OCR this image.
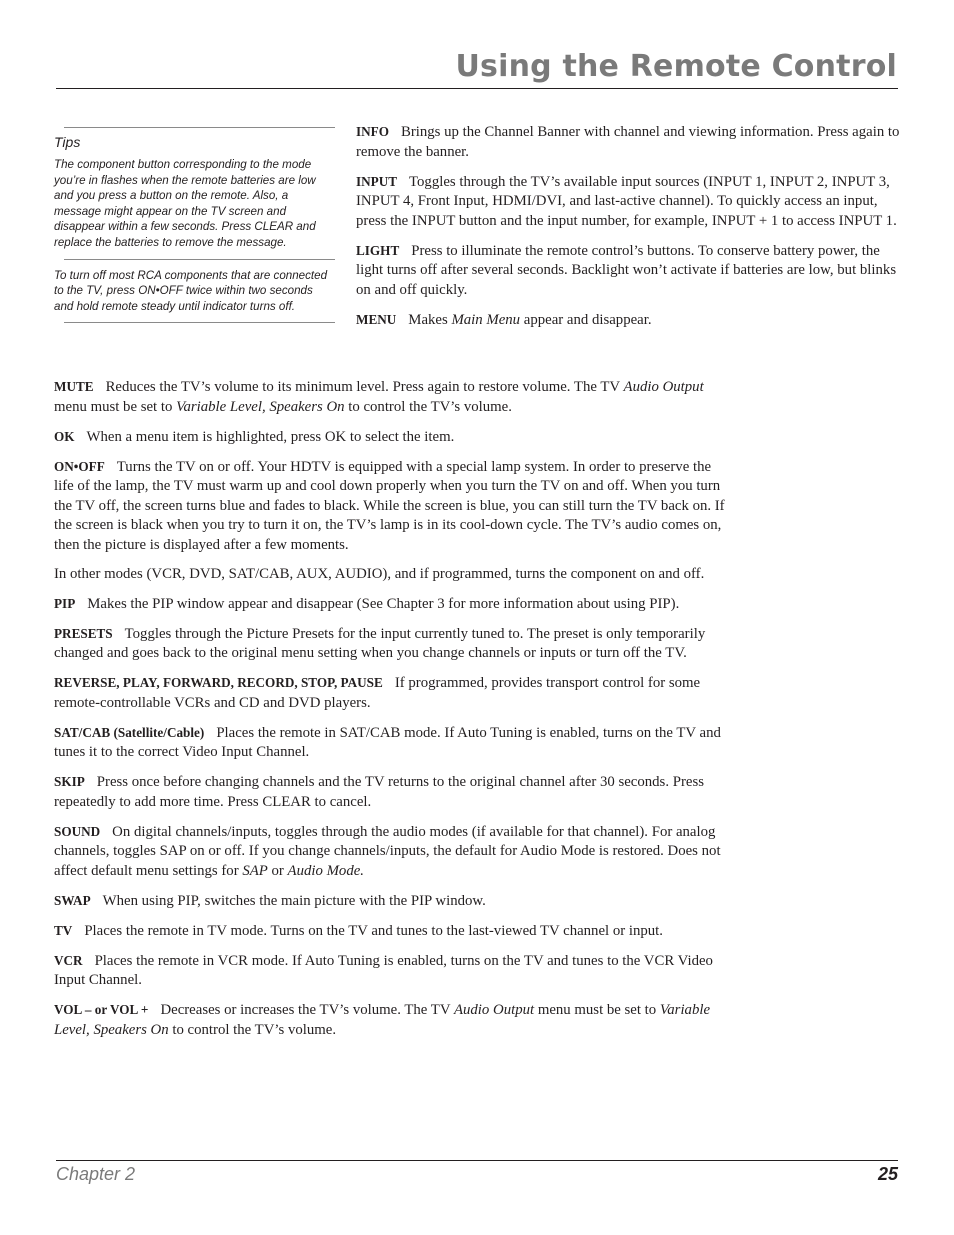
Using the Remote Control
Tips

The component button corresponding to the mode you’re in flashes when the remote batteries are low and you press a button on the remote. Also, a message might appear on the TV screen and disappear within a few seconds. Press CLEAR and replace the batteries to remove the message.

To turn off most RCA components that are connected to the TV, press ON•OFF twice within two seconds and hold remote steady until indicator turns off.

INFO Brings up the Channel Banner with channel and viewing information. Press again to remove the banner.

INPUT Toggles through the TV’s available input sources (INPUT 1, INPUT 2, INPUT 3, INPUT 4, Front Input, HDMI/DVI, and last-active channel). To quickly access an input, press the INPUT button and the input number, for example, INPUT + 1 to access INPUT 1.

LIGHT Press to illuminate the remote control’s buttons. To conserve battery power, the light turns off after several seconds. Backlight won’t activate if batteries are low, but blinks on and off quickly.

MENU Makes Main Menu appear and disappear.

MUTE Reduces the TV’s volume to its minimum level. Press again to restore volume. The TV Audio Output menu must be set to Variable Level, Speakers On to control the TV’s volume.

OK When a menu item is highlighted, press OK to select the item.

ON•OFF Turns the TV on or off. Your HDTV is equipped with a special lamp system. In order to preserve the life of the lamp, the TV must warm up and cool down properly when you turn the TV on and off. When you turn the TV off, the screen turns blue and fades to black. While the screen is blue, you can still turn the TV back on. If the screen is black when you try to turn it on, the TV’s lamp is in its cool-down cycle. The TV’s audio comes on, then the picture is displayed after a few moments.

In other modes (VCR, DVD, SAT/CAB, AUX, AUDIO), and if programmed, turns the component on and off.

PIP Makes the PIP window appear and disappear (See Chapter 3 for more information about using PIP).

PRESETS Toggles through the Picture Presets for the input currently tuned to. The preset is only temporarily changed and goes back to the original menu setting when you change channels or inputs or turn off the TV.

REVERSE, PLAY, FORWARD, RECORD, STOP, PAUSE If programmed, provides transport control for some remote-controllable VCRs and CD and DVD players.

SAT/CAB (Satellite/Cable) Places the remote in SAT/CAB mode. If Auto Tuning is enabled, turns on the TV and tunes it to the correct Video Input Channel.

SKIP Press once before changing channels and the TV returns to the original channel after 30 seconds. Press repeatedly to add more time. Press CLEAR to cancel.

SOUND On digital channels/inputs, toggles through the audio modes (if available for that channel). For analog channels, toggles SAP on or off. If you change channels/inputs, the default for Audio Mode is restored. Does not affect default menu settings for SAP or Audio Mode.

SWAP When using PIP, switches the main picture with the PIP window.

TV Places the remote in TV mode. Turns on the TV and tunes to the last-viewed TV channel or input.

VCR Places the remote in VCR mode. If Auto Tuning is enabled, turns on the TV and tunes to the VCR Video Input Channel.

VOL – or VOL + Decreases or increases the TV’s volume. The TV Audio Output menu must be set to Variable Level, Speakers On to control the TV’s volume.

Chapter 2	25
